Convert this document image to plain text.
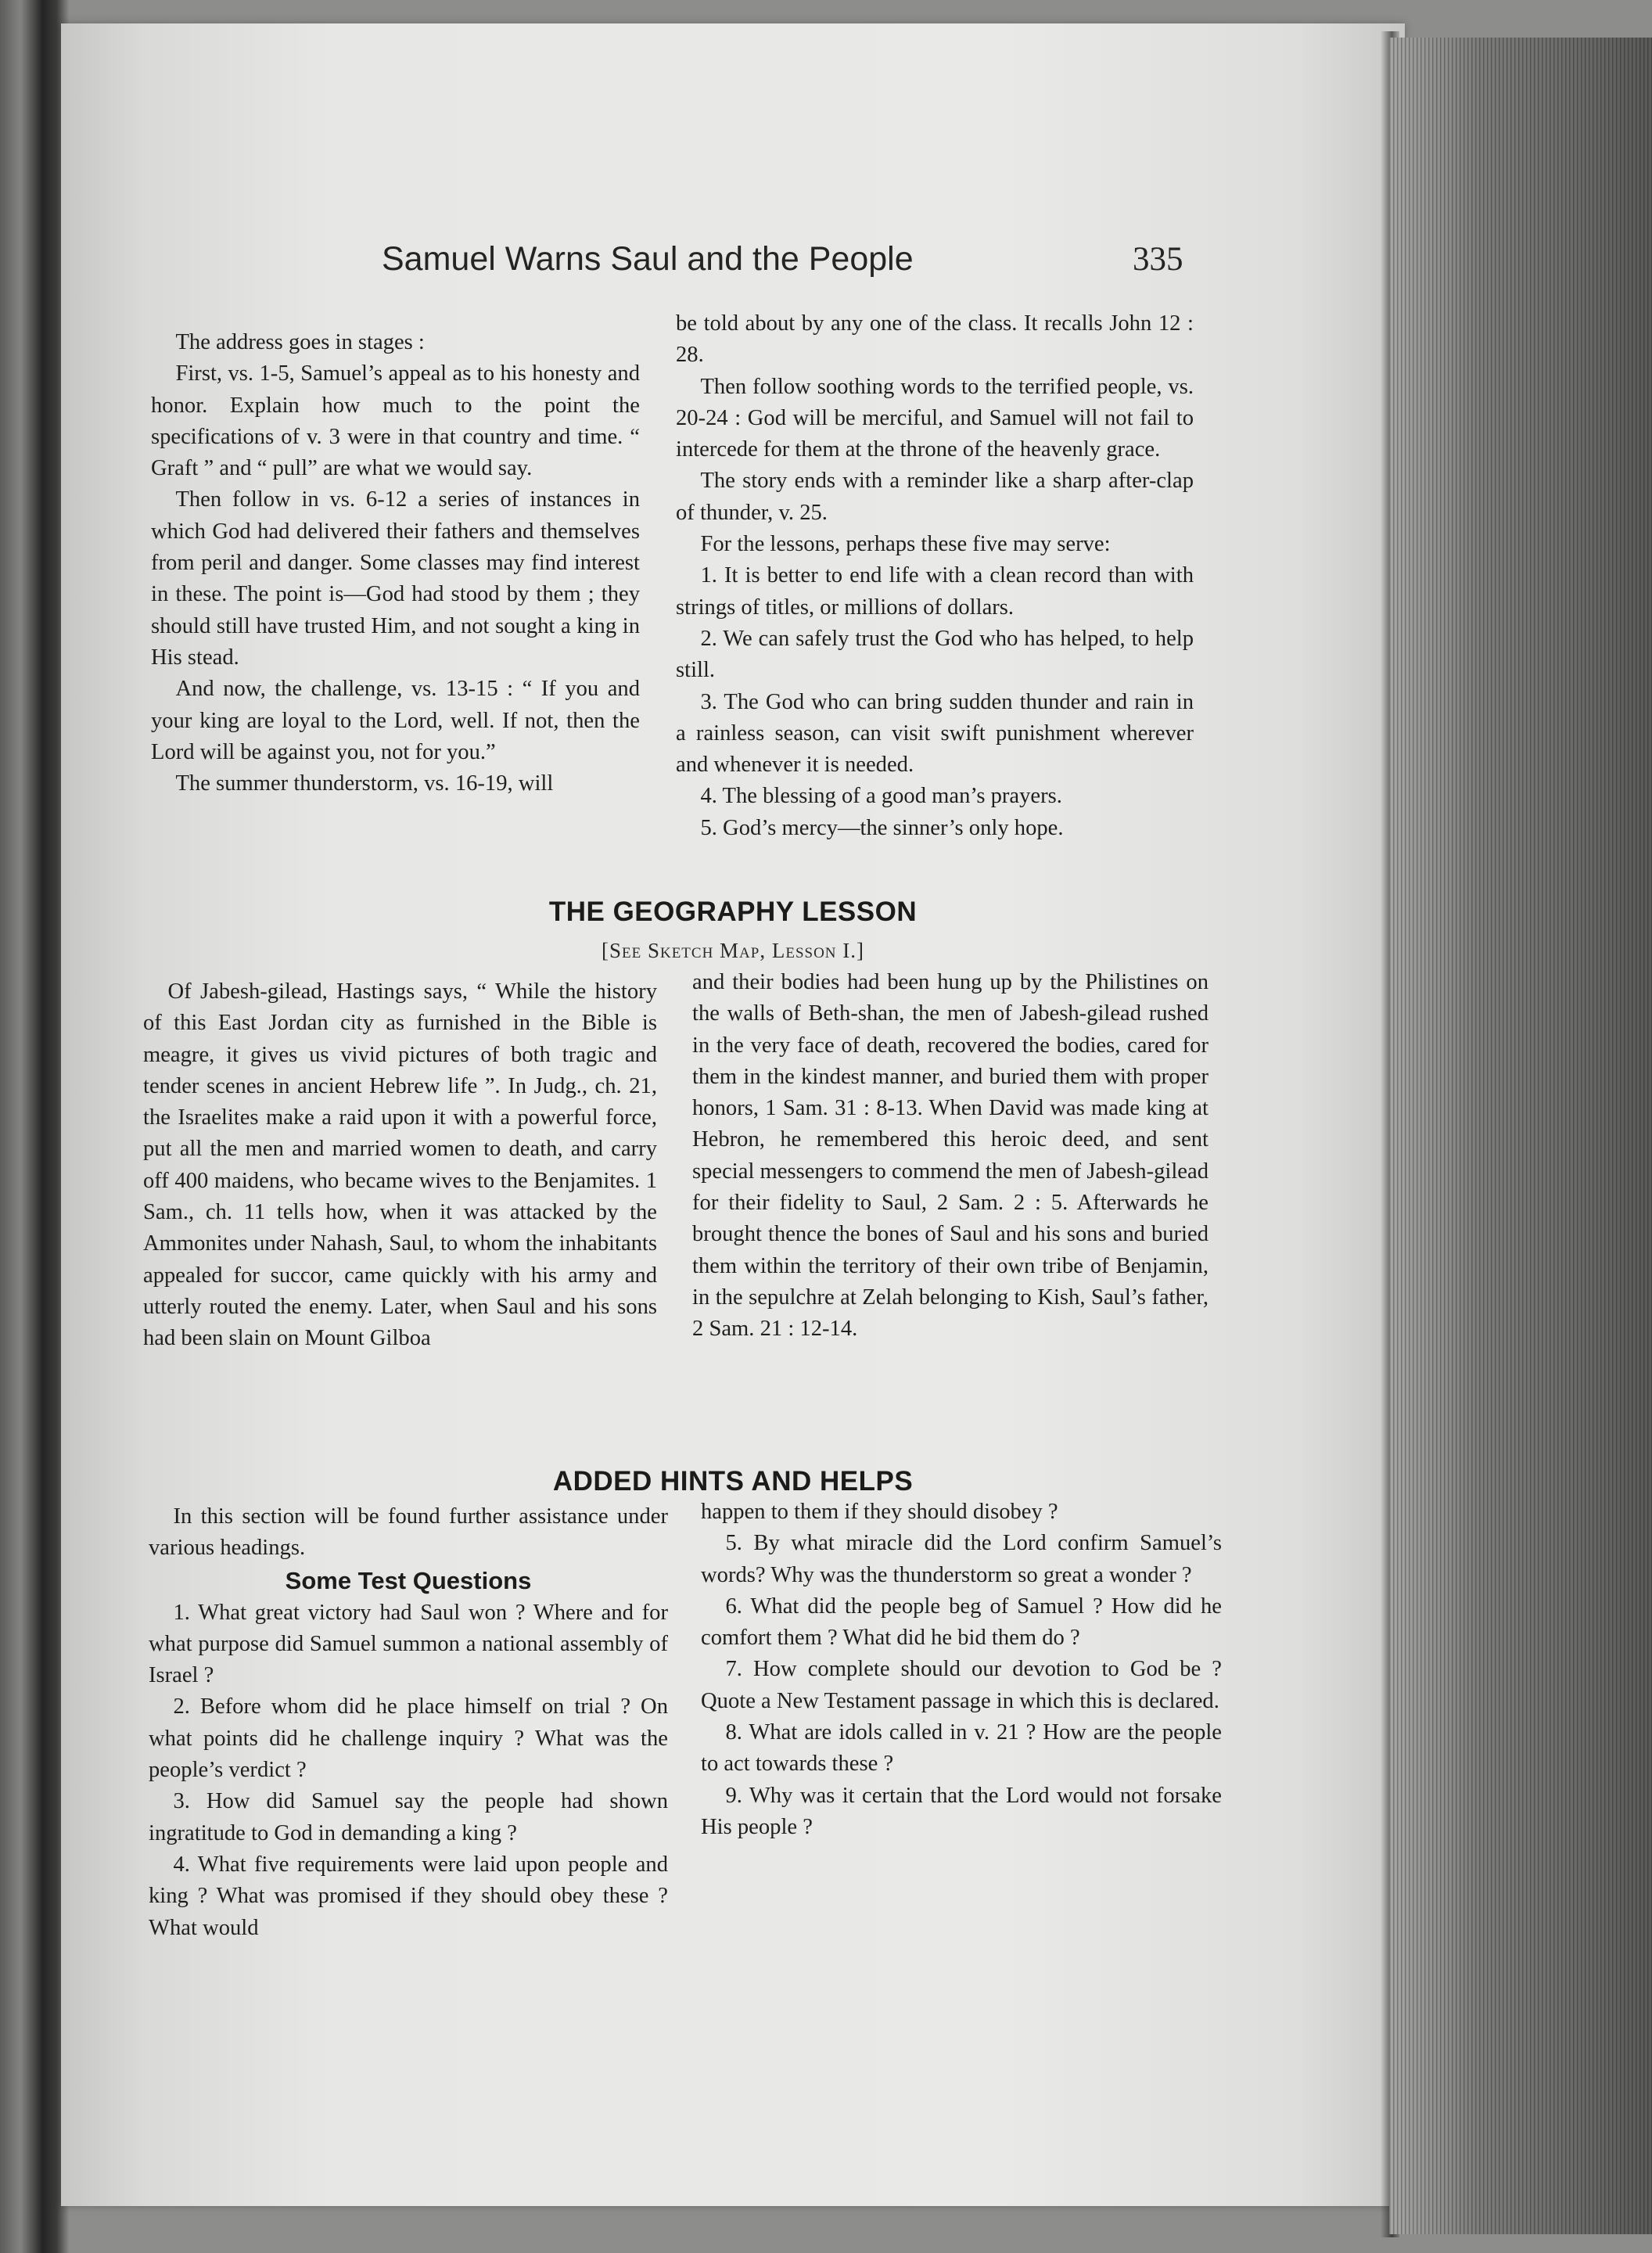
Samuel Warns Saul and the People	335

The address goes in stages :

First, vs. 1-5, Samuel’s appeal as to his honesty and honor. Explain how much to the point the specifications of v. 3 were in that country and time. “ Graft ” and “ pull” are what we would say.

Then follow in vs. 6-12 a series of instances in which God had delivered their fathers and themselves from peril and danger. Some classes may find interest in these. The point is—God had stood by them ; they should still have trusted Him, and not sought a king in His stead.

And now, the challenge, vs. 13-15 : “ If you and your king are loyal to the Lord, well. If not, then the Lord will be against you, not for you.”

The summer thunderstorm, vs. 16-19, will

be told about by any one of the class. It recalls John 12 : 28.

Then follow soothing words to the terrified people, vs. 20-24 : God will be merciful, and Samuel will not fail to intercede for them at the throne of the heavenly grace.

The story ends with a reminder like a sharp after-clap of thunder, v. 25.

For the lessons, perhaps these five may serve:

1. It is better to end life with a clean record than with strings of titles, or millions of dollars.

2. We can safely trust the God who has helped, to help still.

3. The God who can bring sudden thunder and rain in a rainless season, can visit swift punishment wherever and whenever it is needed.

4. The blessing of a good man’s prayers.

5. God’s mercy—the sinner’s only hope.

THE GEOGRAPHY LESSON
[See Sketch Map, Lesson I.]

Of Jabesh-gilead, Hastings says, “ While the history of this East Jordan city as furnished in the Bible is meagre, it gives us vivid pictures of both tragic and tender scenes in ancient Hebrew life ”. In Judg., ch. 21, the Israelites make a raid upon it with a powerful force, put all the men and married women to death, and carry off 400 maidens, who became wives to the Benjamites. 1 Sam., ch. 11 tells how, when it was attacked by the Ammonites under Nahash, Saul, to whom the inhabitants appealed for succor, came quickly with his army and utterly routed the enemy. Later, when Saul and his sons had been slain on Mount Gilboa

and their bodies had been hung up by the Philistines on the walls of Beth-shan, the men of Jabesh-gilead rushed in the very face of death, recovered the bodies, cared for them in the kindest manner, and buried them with proper honors, 1 Sam. 31 : 8-13. When David was made king at Hebron, he remembered this heroic deed, and sent special messengers to commend the men of Jabesh-gilead for their fidelity to Saul, 2 Sam. 2 : 5. Afterwards he brought thence the bones of Saul and his sons and buried them within the territory of their own tribe of Benjamin, in the sepulchre at Zelah belonging to Kish, Saul’s father, 2 Sam. 21 : 12-14.

ADDED HINTS AND HELPS

In this section will be found further assistance under various headings.

Some Test Questions

1. What great victory had Saul won ? Where and for what purpose did Samuel summon a national assembly of Israel ?

2. Before whom did he place himself on trial ? On what points did he challenge inquiry ? What was the people’s verdict ?

3. How did Samuel say the people had shown ingratitude to God in demanding a king ?

4. What five requirements were laid upon people and king ? What was promised if they should obey these ? What would

happen to them if they should disobey ?

5. By what miracle did the Lord confirm Samuel’s words? Why was the thunderstorm so great a wonder ?

6. What did the people beg of Samuel ? How did he comfort them ? What did he bid them do ?

7. How complete should our devotion to God be ? Quote a New Testament passage in which this is declared.

8. What are idols called in v. 21 ? How are the people to act towards these ?

9. Why was it certain that the Lord would not forsake His people ?
